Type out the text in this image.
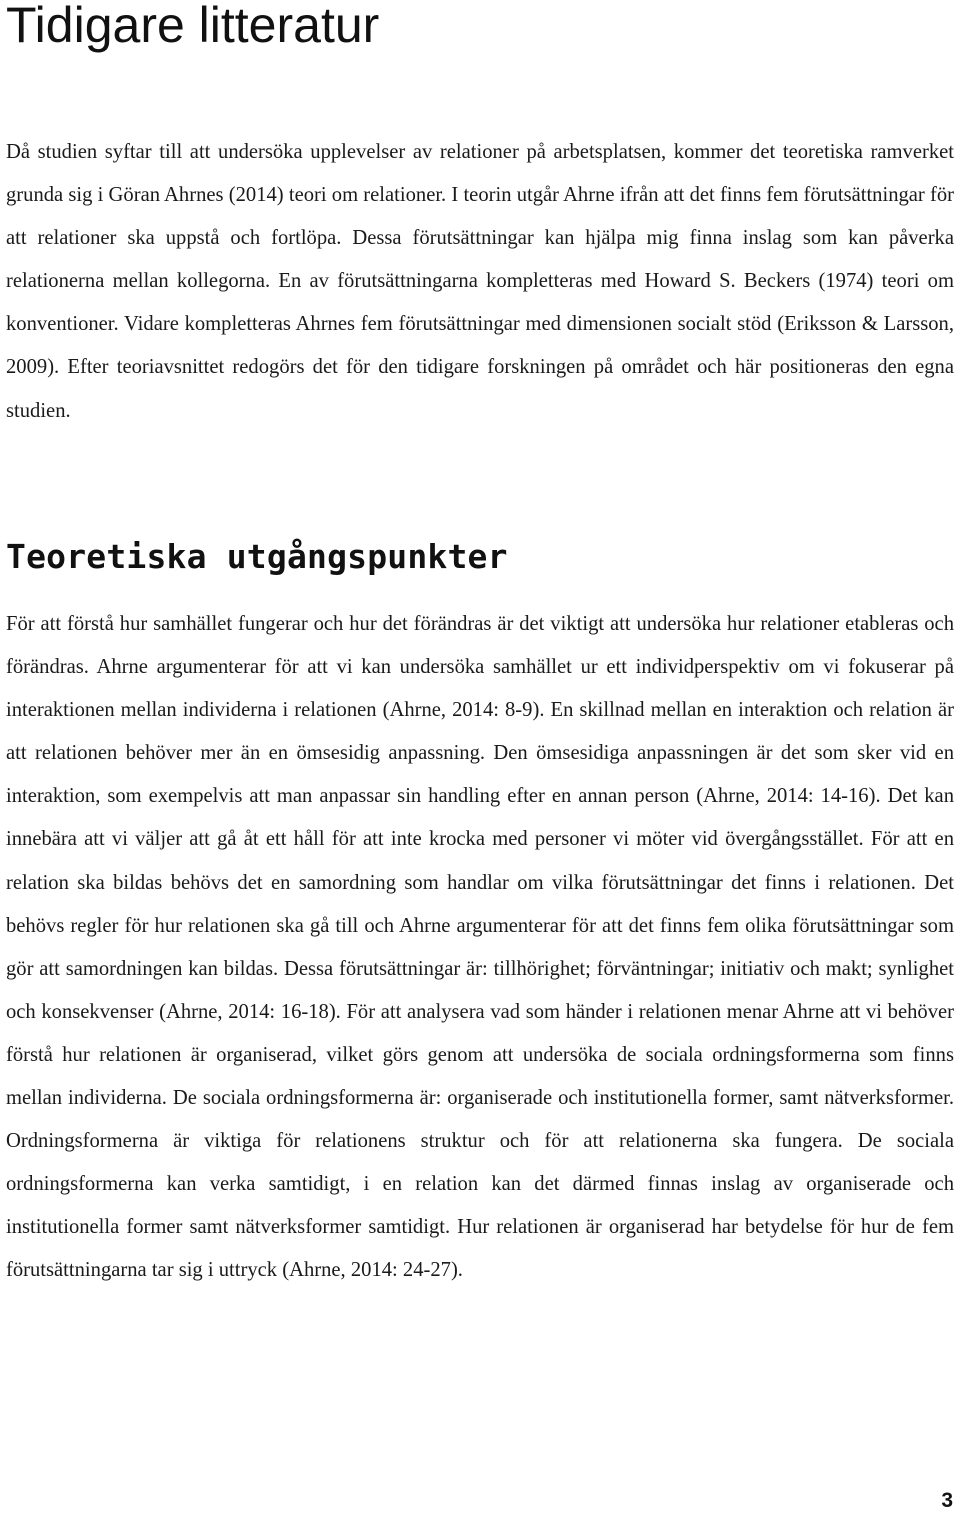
Tidigare litteratur

Då studien syftar till att undersöka upplevelser av relationer på arbetsplatsen, kommer det teoretiska ramverket grunda sig i Göran Ahrnes (2014) teori om relationer. I teorin utgår Ahrne ifrån att det finns fem förutsättningar för att relationer ska uppstå och fortlöpa. Dessa förutsättningar kan hjälpa mig finna inslag som kan påverka relationerna mellan kollegorna. En av förutsättningarna kompletteras med Howard S. Beckers (1974) teori om konventioner. Vidare kompletteras Ahrnes fem förutsättningar med dimensionen socialt stöd (Eriksson & Larsson, 2009). Efter teoriavsnittet redogörs det för den tidigare forskningen på området och här positioneras den egna studien.

Teoretiska utgångspunkter

För att förstå hur samhället fungerar och hur det förändras är det viktigt att undersöka hur relationer etableras och förändras. Ahrne argumenterar för att vi kan undersöka samhället ur ett individperspektiv om vi fokuserar på interaktionen mellan individerna i relationen (Ahrne, 2014: 8-9). En skillnad mellan en interaktion och relation är att relationen behöver mer än en ömsesidig anpassning. Den ömsesidiga anpassningen är det som sker vid en interaktion, som exempelvis att man anpassar sin handling efter en annan person (Ahrne, 2014: 14-16). Det kan innebära att vi väljer att gå åt ett håll för att inte krocka med personer vi möter vid övergångsstället. För att en relation ska bildas behövs det en samordning som handlar om vilka förutsättningar det finns i relationen. Det behövs regler för hur relationen ska gå till och Ahrne argumenterar för att det finns fem olika förutsättningar som gör att samordningen kan bildas. Dessa förutsättningar är: tillhörighet; förväntningar; initiativ och makt; synlighet och konsekvenser (Ahrne, 2014: 16-18). För att analysera vad som händer i relationen menar Ahrne att vi behöver förstå hur relationen är organiserad, vilket görs genom att undersöka de sociala ordningsformerna som finns mellan individerna. De sociala ordningsformerna är: organiserade och institutionella former, samt nätverksformer. Ordningsformerna är viktiga för relationens struktur och för att relationerna ska fungera. De sociala ordningsformerna kan verka samtidigt, i en relation kan det därmed finnas inslag av organiserade och institutionella former samt nätverksformer samtidigt. Hur relationen är organiserad har betydelse för hur de fem förutsättningarna tar sig i uttryck (Ahrne, 2014: 24-27).

3
